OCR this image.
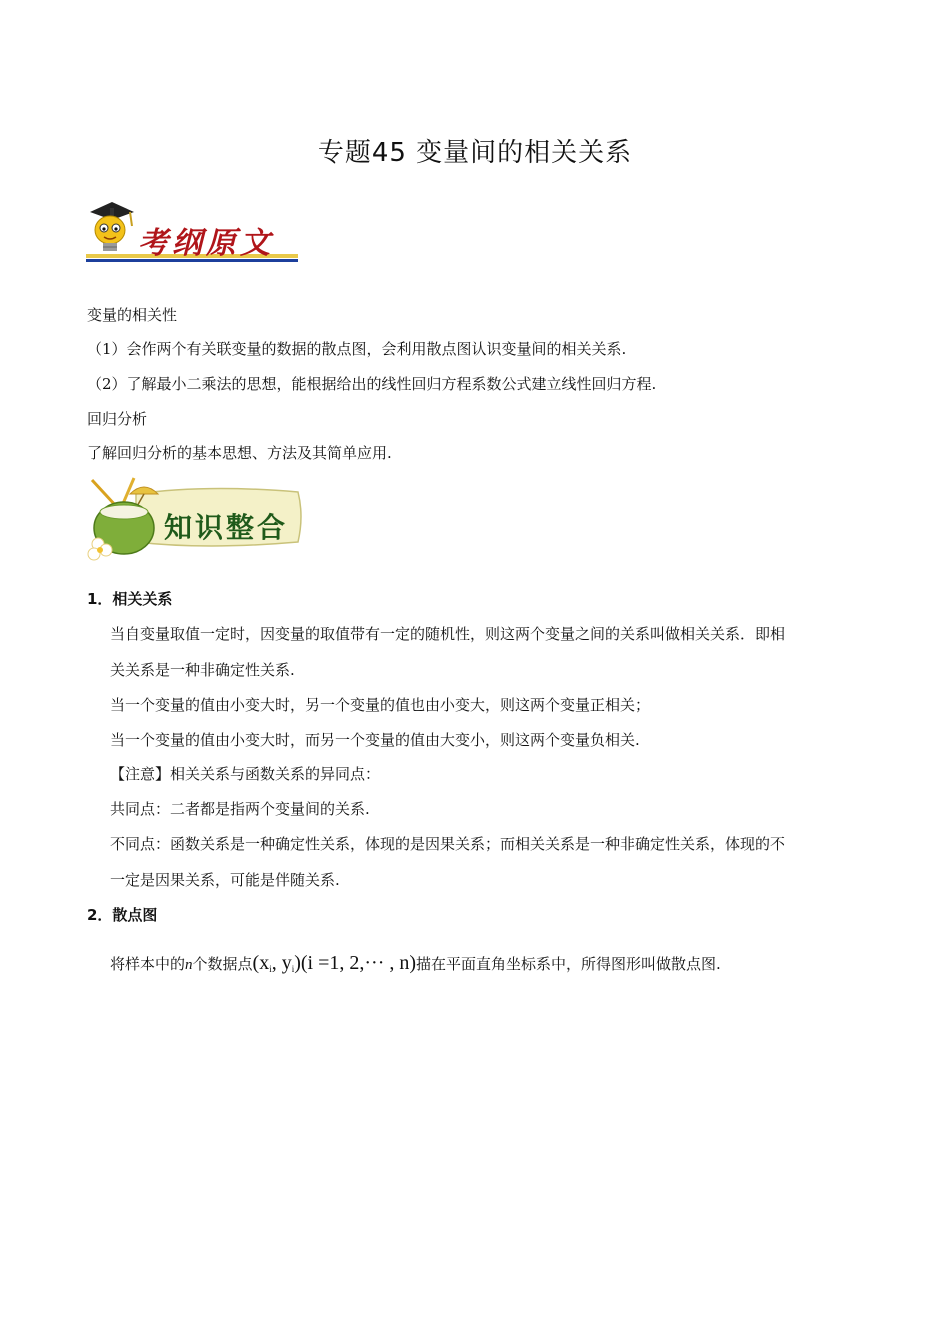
专题45 变量间的相关关系
考纲原文
变量的相关性
（1）会作两个有关联变量的数据的散点图，会利用散点图认识变量间的相关关系.
（2）了解最小二乘法的思想，能根据给出的线性回归方程系数公式建立线性回归方程.
回归分析
了解回归分析的基本思想、方法及其简单应用.
知识整合
1．相关关系
当自变量取值一定时，因变量的取值带有一定的随机性，则这两个变量之间的关系叫做相关关系．即相
关关系是一种非确定性关系.
当一个变量的值由小变大时，另一个变量的值也由小变大，则这两个变量正相关；
当一个变量的值由小变大时，而另一个变量的值由大变小，则这两个变量负相关.
【注意】相关关系与函数关系的异同点：
共同点：二者都是指两个变量间的关系.
不同点：函数关系是一种确定性关系，体现的是因果关系；而相关关系是一种非确定性关系，体现的不
一定是因果关系，可能是伴随关系.
2．散点图
将样本中的n个数据点($x_i$, $y_i)(i =1$, 2,··· , n)描在平面直角坐标系中，所得图形叫做散点图.
